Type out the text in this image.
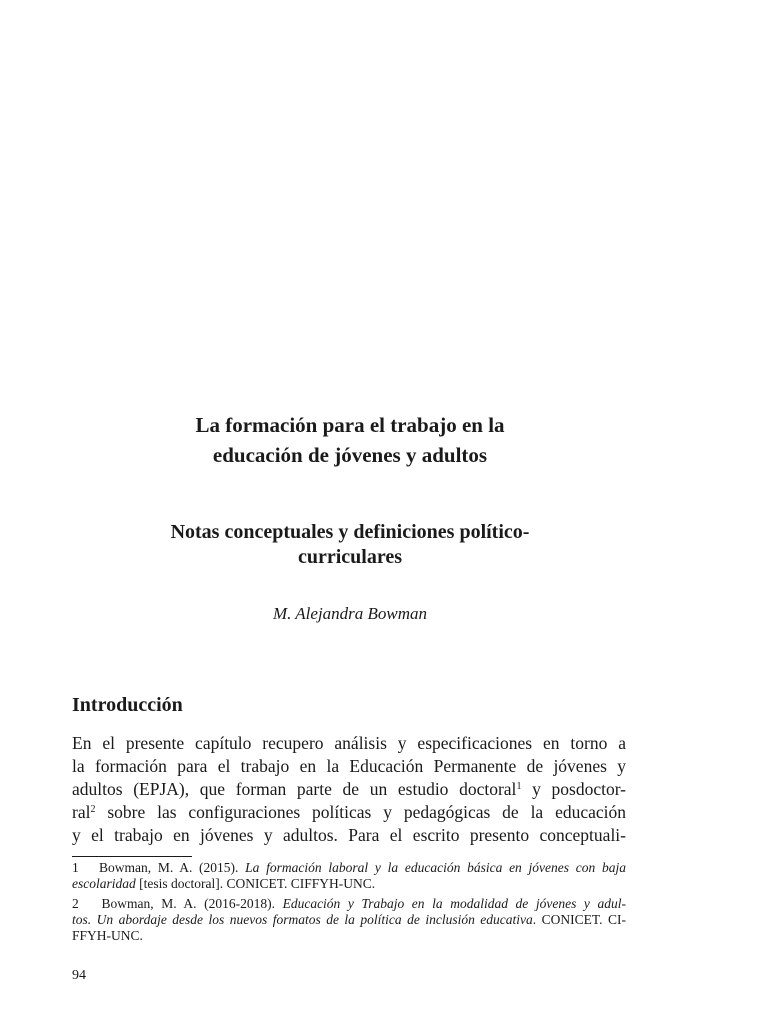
La formación para el trabajo en la
educación de jóvenes y adultos
Notas conceptuales y definiciones político-
curriculares
M. Alejandra Bowman
Introducción
En el presente capítulo recupero análisis y especificaciones en torno a
la formación para el trabajo en la Educación Permanente de jóvenes y
adultos (EPJA), que forman parte de un estudio doctoral$^1$ y posdoctor-
ral$^2$ sobre las configuraciones políticas y pedagógicas de la educación
y el trabajo en jóvenes y adultos. Para el escrito presento conceptuali-
1 Bowman, M. A. (2015). La formación laboral y la educación básica en jóvenes con baja
escolaridad [tesis doctoral]. CONICET. CIFFYH-UNC.
2 Bowman, M. A. (2016-2018). Educación y Trabajo en la modalidad de jóvenes y adul-
tos. Un abordaje desde los nuevos formatos de la política de inclusión educativa. CONICET. CI-
FFYH-UNC.
94
